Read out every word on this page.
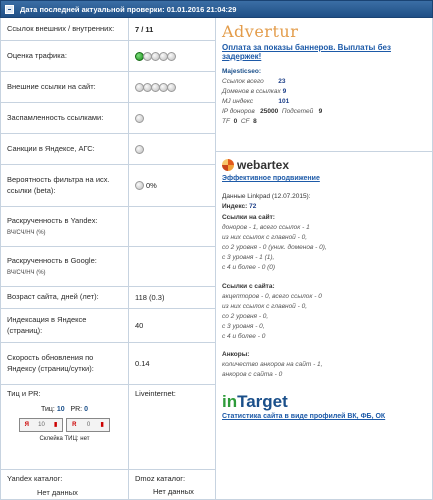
Дата последней актуальной проверки: 01.01.2016 21:04:29
Ссылок внешних / внутренних:	7 / 11
Оценка трафика:
Внешние ссылки на сайт:
Заспамленность ссылками:
Санкции в Яндексе, АГС:
Вероятность фильтра на исх. ссылки (beta):	0%
Раскрученность в Yandex:
ВЧ/СЧ/НЧ (%)
Раскрученность в Google:
ВЧ/СЧ/НЧ (%)
Возраст сайта, дней (лет):	118 (0.3)
Индексация в Яндексе (страниц):	40
Скорость обновления по Яндексу (страниц/сутки):	0.14
Тиц и PR:
Тиц: 10 PR: 0
Я 10 ▮ R 0 ▮
Склейка ТИЦ: нет
Liveinternet:
Yandex каталог:
Нет данных
Dmoz каталог:
Нет данных
Advertur
Оплата за показы баннеров. Выплаты без задержек!
Majesticseo:
Ссылок всего 23
Доменов в ссылках 9
MJ индекс	101
IP доноров 25000 Подсетей 9
TF 0 CF 8
webartex
Эффективное продвижение
Данные Linkpad (12.07.2015):
Индекс: 72
Ссылки на сайт:
доноров - 1, всего ссылок - 1
из них ссылок с главной - 0,
со 2 уровня - 0 (уник. доменов - 0),
с 3 уровня - 1 (1),
с 4 и более - 0 (0)
Ссылки с сайта:
акцепторов - 0, всего ссылок - 0
из них ссылок с главной - 0,
со 2 уровня - 0,
с 3 уровня - 0,
с 4 и более - 0
Анкоры:
количество анкоров на сайт - 1,
анкоров с сайта - 0
inTarget
Статистика сайта в виде профилей ВК, ФБ, ОК
